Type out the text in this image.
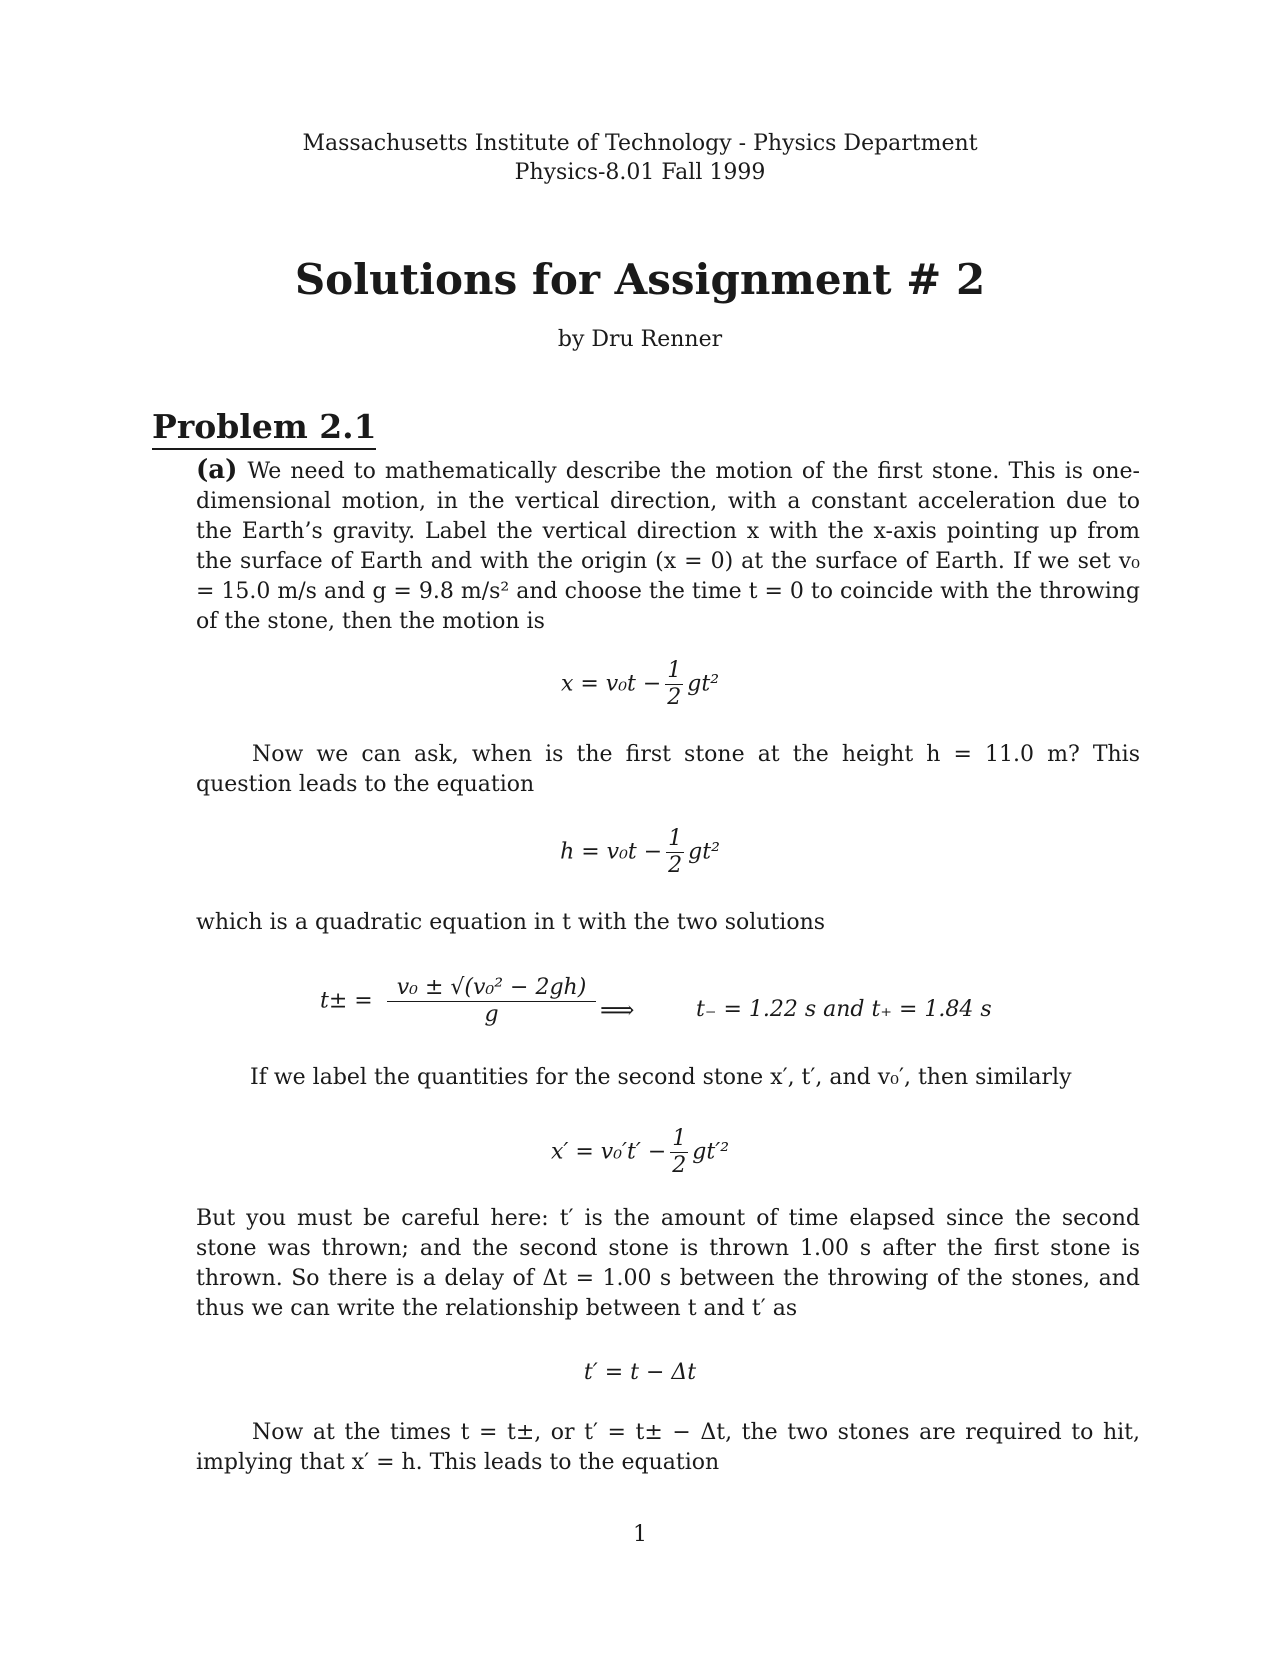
Massachusetts Institute of Technology - Physics Department
Physics-8.01 Fall 1999
Solutions for Assignment # 2
by Dru Renner
Problem 2.1
(a) We need to mathematically describe the motion of the first stone. This is one-dimensional motion, in the vertical direction, with a constant acceleration due to the Earth’s gravity. Label the vertical direction x with the x-axis pointing up from the surface of Earth and with the origin (x = 0) at the surface of Earth. If we set v₀ = 15.0 m/s and g = 9.8 m/s² and choose the time t = 0 to coincide with the throwing of the stone, then the motion is
$x = v_0t - \frac{1}{2} gt^2$
Now we can ask, when is the first stone at the height h = 11.0 m? This question leads to the equation
$h = v_0t - \frac{1}{2} gt^2$
which is a quadratic equation in t with the two solutions
$t\pm = \frac{\text{v₀ ± √(v₀² − 2gh)}}{g}$ ⟹	t₋ = 1.22 s and t₊ = 1.84 s
If we label the quantities for the second stone x′, t′, and v₀′, then similarly
$x' = v_0't' - \frac{1}{2} gt'^2$
But you must be careful here: t′ is the amount of time elapsed since the second stone was thrown; and the second stone is thrown 1.00 s after the first stone is thrown. So there is a delay of Δt = 1.00 s between the throwing of the stones, and thus we can write the relationship between t and t′ as
t′ = t − Δt
Now at the times t = t±, or t′ = t± − Δt, the two stones are required to hit, implying that x′ = h. This leads to the equation
1
